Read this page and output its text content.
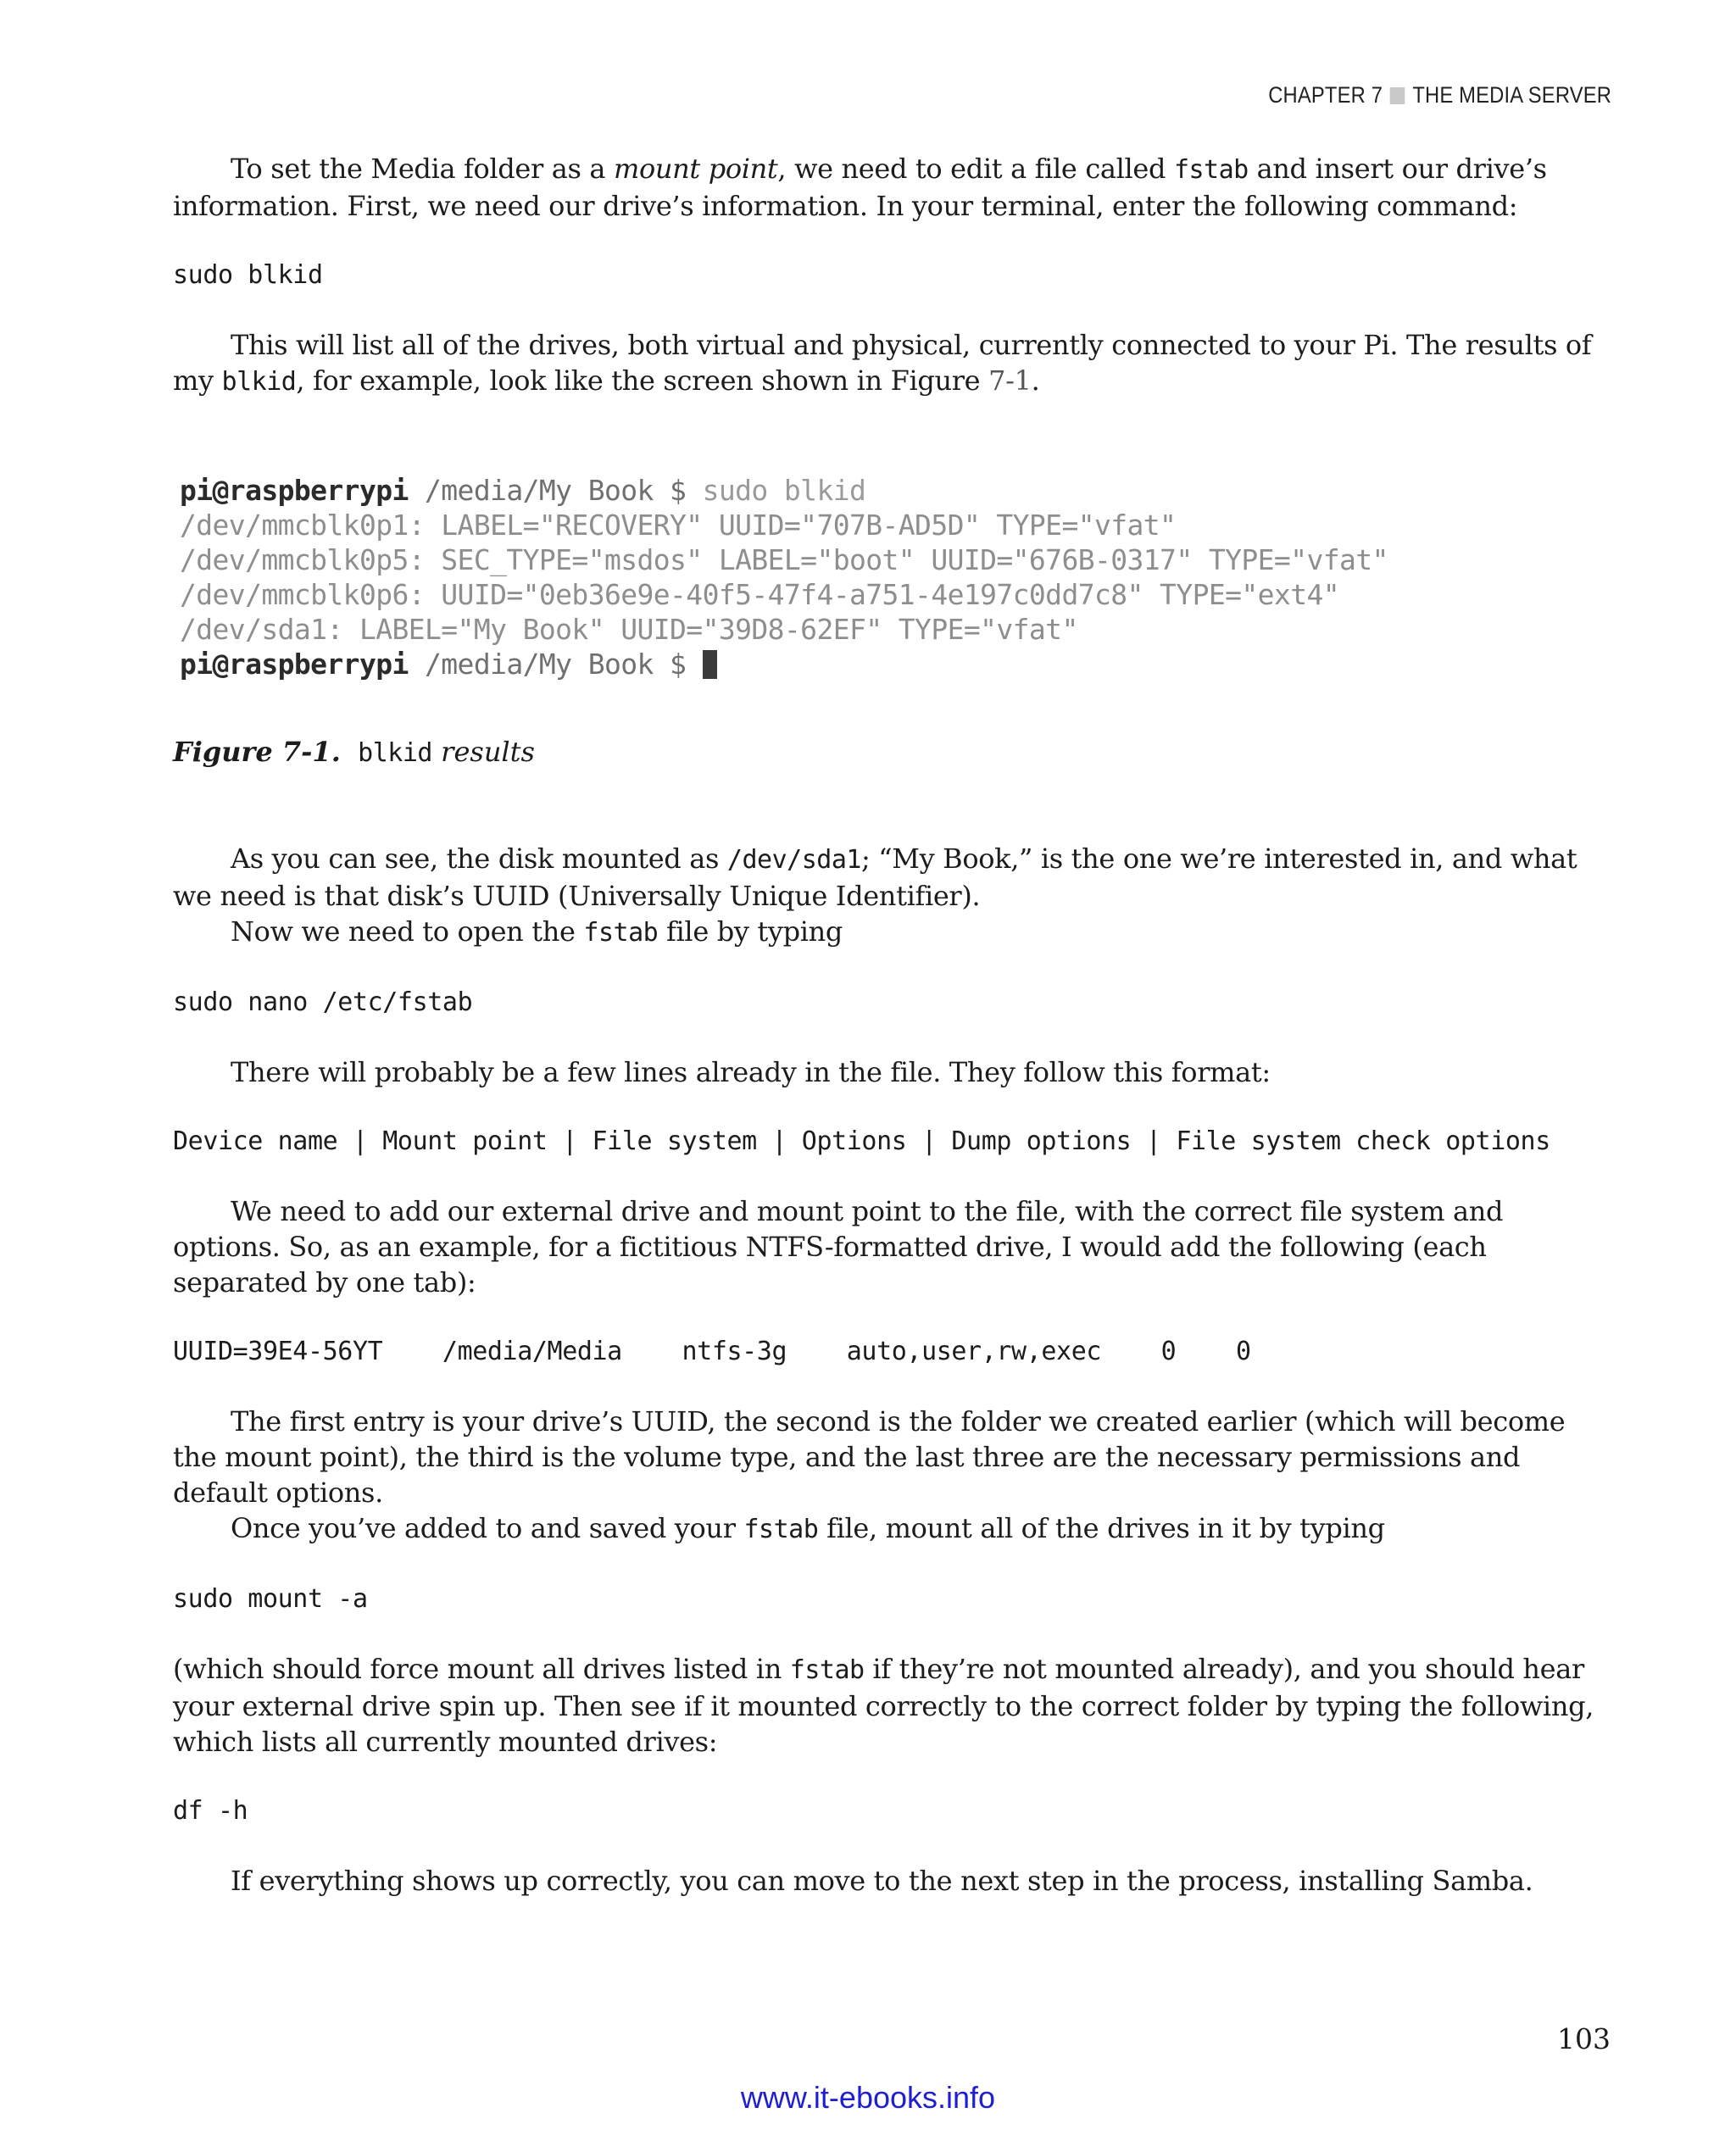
CHAPTER 7 THE MEDIA SERVER

To set the Media folder as a mount point, we need to edit a file called fstab and insert our drive’s information. First, we need our drive’s information. In your terminal, enter the following command:

sudo blkid

This will list all of the drives, both virtual and physical, currently connected to your Pi. The results of my blkid, for example, look like the screen shown in Figure 7-1.

pi@raspberrypi /media/My Book $ sudo blkid
/dev/mmcblk0p1: LABEL="RECOVERY" UUID="707B-AD5D" TYPE="vfat"
/dev/mmcblk0p5: SEC_TYPE="msdos" LABEL="boot" UUID="676B-0317" TYPE="vfat"
/dev/mmcblk0p6: UUID="0eb36e9e-40f5-47f4-a751-4e197c0dd7c8" TYPE="ext4"
/dev/sda1: LABEL="My Book" UUID="39D8-62EF" TYPE="vfat"
pi@raspberrypi /media/My Book $
Figure 7-1. blkid results

As you can see, the disk mounted as /dev/sda1; “My Book,” is the one we’re interested in, and what we need is that disk’s UUID (Universally Unique Identifier).

Now we need to open the fstab file by typing

sudo nano /etc/fstab

There will probably be a few lines already in the file. They follow this format:

Device name | Mount point | File system | Options | Dump options | File system check options

We need to add our external drive and mount point to the file, with the correct file system and options. So, as an example, for a fictitious NTFS-formatted drive, I would add the following (each separated by one tab):

UUID=39E4-56YT    /media/Media    ntfs-3g    auto,user,rw,exec    0    0

The first entry is your drive’s UUID, the second is the folder we created earlier (which will become the mount point), the third is the volume type, and the last three are the necessary permissions and default options.

Once you’ve added to and saved your fstab file, mount all of the drives in it by typing

sudo mount -a

(which should force mount all drives listed in fstab if they’re not mounted already), and you should hear your external drive spin up. Then see if it mounted correctly to the correct folder by typing the following, which lists all currently mounted drives:

df -h

If everything shows up correctly, you can move to the next step in the process, installing Samba.

103
www.it-ebooks.info
